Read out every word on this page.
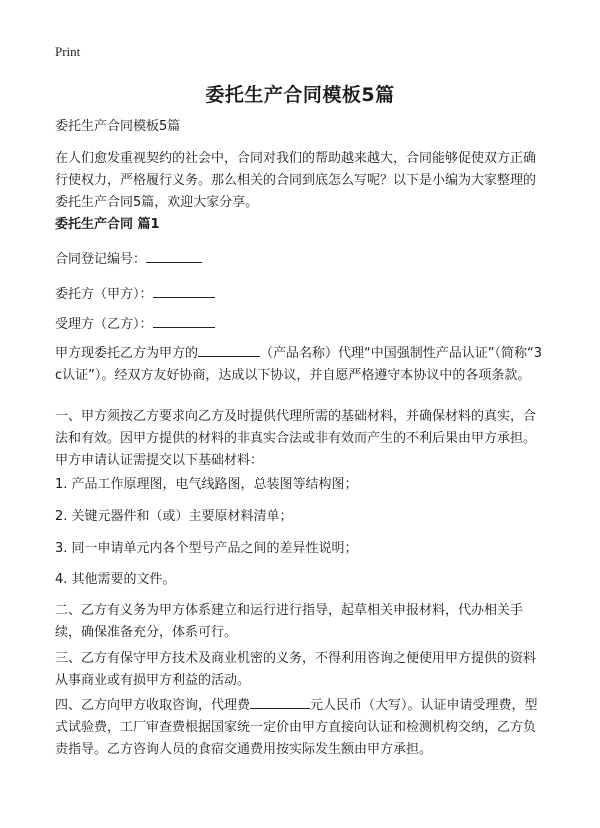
Print
委托生产合同模板5篇
委托生产合同模板5篇
在人们愈发重视契约的社会中，合同对我们的帮助越来越大，合同能够促使双方正确行使权力，严格履行义务。那么相关的合同到底怎么写呢？以下是小编为大家整理的委托生产合同5篇，欢迎大家分享。
委托生产合同 篇1
合同登记编号：
委托方（甲方）：
受理方（乙方）：
甲方现委托乙方为甲方的	（产品名称）代理“中国强制性产品认证”（简称“3c认证”）。经双方友好协商，达成以下协议，并自愿严格遵守本协议中的各项条款。
一、甲方须按乙方要求向乙方及时提供代理所需的基础材料，并确保材料的真实，合法和有效。因甲方提供的材料的非真实合法或非有效而产生的不利后果由甲方承担。甲方申请认证需提交以下基础材料：
1. 产品工作原理图，电气线路图，总装图等结构图；
2. 关键元器件和（或）主要原材料清单；
3. 同一申请单元内各个型号产品之间的差异性说明；
4. 其他需要的文件。
二、乙方有义务为甲方体系建立和运行进行指导，起草相关申报材料，代办相关手续，确保准备充分，体系可行。
三、乙方有保守甲方技术及商业机密的义务，不得利用咨询之便使用甲方提供的资料从事商业或有损甲方利益的活动。
四、乙方向甲方收取咨询，代理费	元人民币（大写）。认证申请受理费，型式试验费，工厂审查费根据国家统一定价由甲方直接向认证和检测机构交纳，乙方负责指导。乙方咨询人员的食宿交通费用按实际发生额由甲方承担。
